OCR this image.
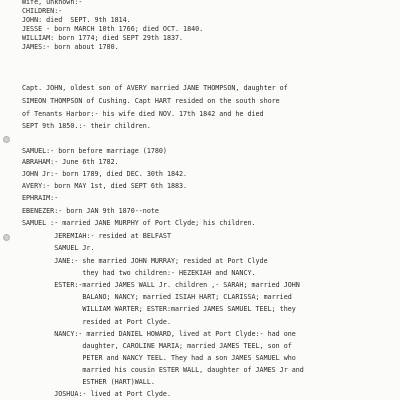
Wife, unknown:-
CHILDREN:-
JOHN: died  SEPT. 9th 1814.
JESSE - born MARCH 10th 1766; died OCT. 1840.
WILLIAM: born 1774; died SEPT 29th 1837.
JAMES:- born about 1780.
Capt. JOHN, oldest son of AVERY married JANE THOMPSON, daughter of
SIMEON THOMPSON of Cushing. Capt HART resided on the south shore
of Tenants Harbor:- his wife died NOV. 17th 1842 and he died
SEPT 9th 1850.:- their children.
SAMUEL:- born before marriage (1780)
ABRAHAM:- June 6th 1782.
JOHN Jr:- born 1789, died DEC. 30th 1842.
AVERY:- born MAY 1st, died SEPT 6th 1883.
EPHRAIM:-
EBENEZER:- born JAN 9th 1870--note
SAMUEL :- married JANE MURPHY of Port Clyde; his children.
JEREMIAH:- resided at BELFAST
SAMUEL Jr.
JANE:- she married JOHN MURRAY; resided at Port Clyde
they had two children:- HEZEKIAH and NANCY.
ESTER:-married JAMES WALL Jr. children ,- SARAH; married JOHN
BALANO; NANCY; married ISIAH HART; CLARISSA; married
WILLIAM WARTER; ESTER:married JAMES SAMUEL TEEL; they
resided at Port Clyde.
NANCY:- married DANIEL HOWARD, lived at Port Clyde:- had one
daughter, CAROLINE MARIA; married JAMES TEEL, son of
PETER and NANCY TEEL. They had a son JAMES SAMUEL who
married his cousin ESTER WALL, daughter of JAMES Jr and
ESTHER (HART)WALL.
JOSHUA:- lived at Port Clyde.
